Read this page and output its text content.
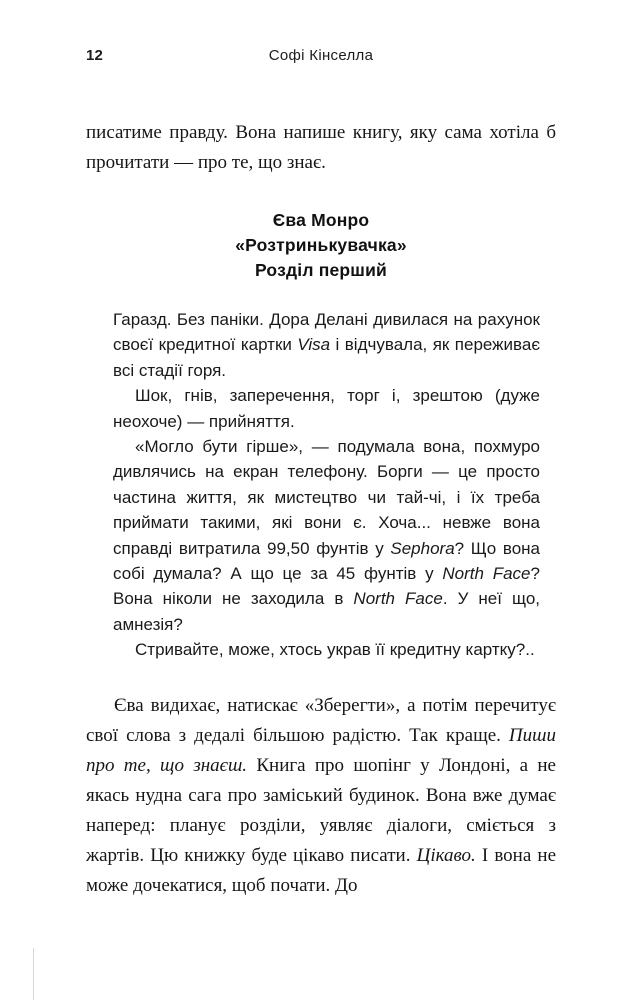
12	Софі Кінселла

писатиме правду. Вона напише книгу, яку сама хотіла б прочитати — про те, що знає.

Єва Монро
«Розтринькувачка»
Розділ перший

Гаразд. Без паніки. Дора Делані дивилася на рахунок своєї кредитної картки Visa і відчувала, як переживає всі стадії горя.

Шок, гнів, заперечення, торг і, зрештою (дуже неохоче) — прийняття.

«Могло бути гірше», — подумала вона, похмуро дивлячись на екран телефону. Борги — це просто частина життя, як мистецтво чи тай-чі, і їх треба приймати такими, які вони є. Хоча... невже вона справді витратила 99,50 фунтів у Sephora? Що вона собі думала? А що це за 45 фунтів у North Face? Вона ніколи не заходила в North Face. У неї що, амнезія?

Стривайте, може, хтось украв її кредитну картку?..

Єва видихає, натискає «Зберегти», а потім перечитує свої слова з дедалі більшою радістю. Так краще. Пиши про те, що знаєш. Книга про шопінг у Лондоні, а не якась нудна сага про заміський будинок. Вона вже думає наперед: планує розділи, уявляє діалоги, сміється з жартів. Цю книжку буде цікаво писати. Цікаво. І вона не може дочекатися, щоб почати. До
